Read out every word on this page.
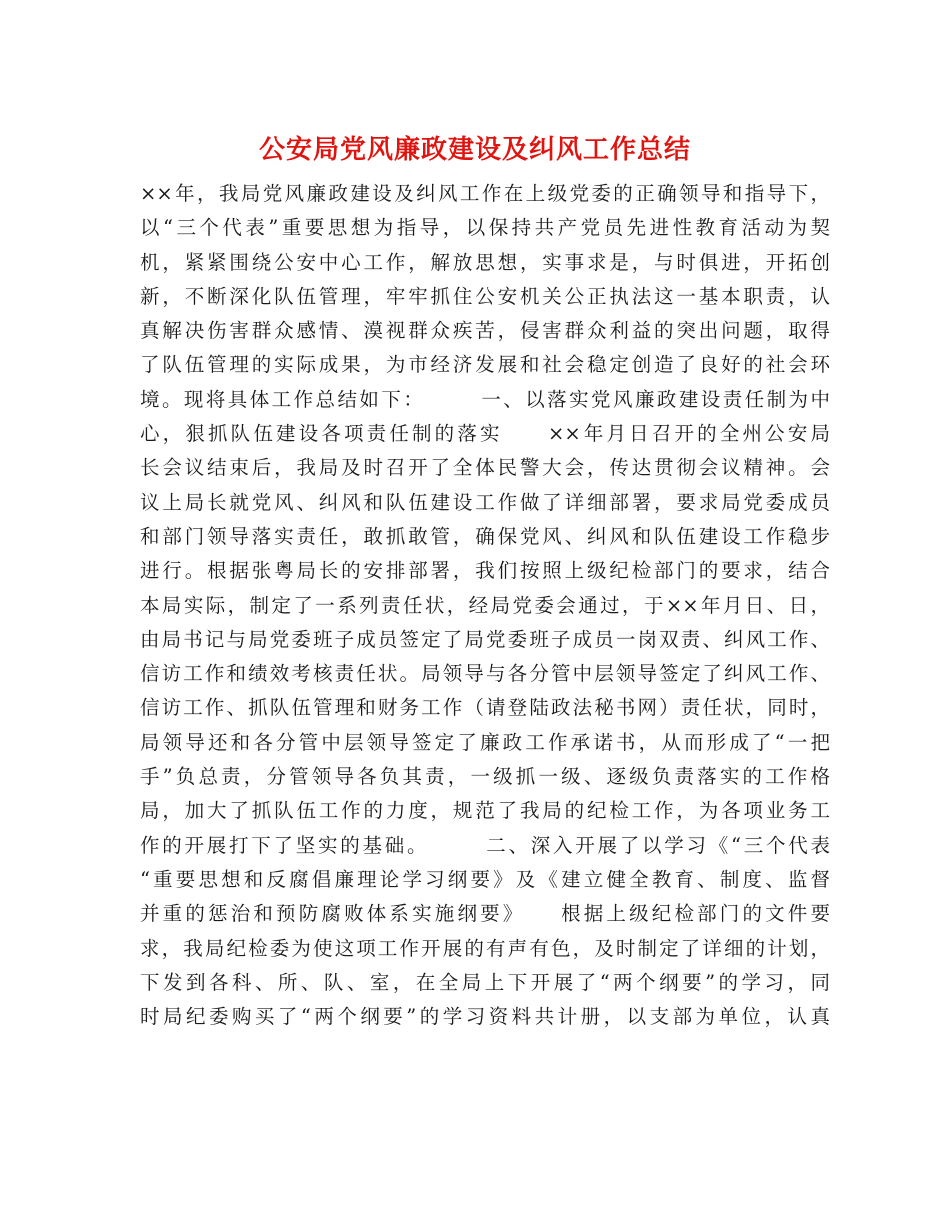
公安局党风廉政建设及纠风工作总结
××年，我局党风廉政建设及纠风工作在上级党委的正确领导和指导下，
以“三个代表”重要思想为指导，以保持共产党员先进性教育活动为契
机，紧紧围绕公安中心工作，解放思想，实事求是，与时俱进，开拓创
新，不断深化队伍管理，牢牢抓住公安机关公正执法这一基本职责，认
真解决伤害群众感情、漠视群众疾苦，侵害群众利益的突出问题，取得
了队伍管理的实际成果，为市经济发展和社会稳定创造了良好的社会环
境。现将具体工作总结如下：　　　一、以落实党风廉政建设责任制为中
心，狠抓队伍建设各项责任制的落实　　××年月日召开的全州公安局
长会议结束后，我局及时召开了全体民警大会，传达贯彻会议精神。会
议上局长就党风、纠风和队伍建设工作做了详细部署，要求局党委成员
和部门领导落实责任，敢抓敢管，确保党风、纠风和队伍建设工作稳步
进行。根据张粤局长的安排部署，我们按照上级纪检部门的要求，结合
本局实际，制定了一系列责任状，经局党委会通过，于××年月日、日，
由局书记与局党委班子成员签定了局党委班子成员一岗双责、纠风工作、
信访工作和绩效考核责任状。局领导与各分管中层领导签定了纠风工作、
信访工作、抓队伍管理和财务工作（请登陆政法秘书网）责任状，同时，
局领导还和各分管中层领导签定了廉政工作承诺书，从而形成了“一把
手”负总责，分管领导各负其责，一级抓一级、逐级负责落实的工作格
局，加大了抓队伍工作的力度，规范了我局的纪检工作，为各项业务工
作的开展打下了坚实的基础。　　　二、深入开展了以学习《“三个代表
“重要思想和反腐倡廉理论学习纲要》及《建立健全教育、制度、监督
并重的惩治和预防腐败体系实施纲要》　　根据上级纪检部门的文件要
求，我局纪检委为使这项工作开展的有声有色，及时制定了详细的计划，
下发到各科、所、队、室，在全局上下开展了“两个纲要”的学习，同
时局纪委购买了“两个纲要”的学习资料共计册，以支部为单位，认真
